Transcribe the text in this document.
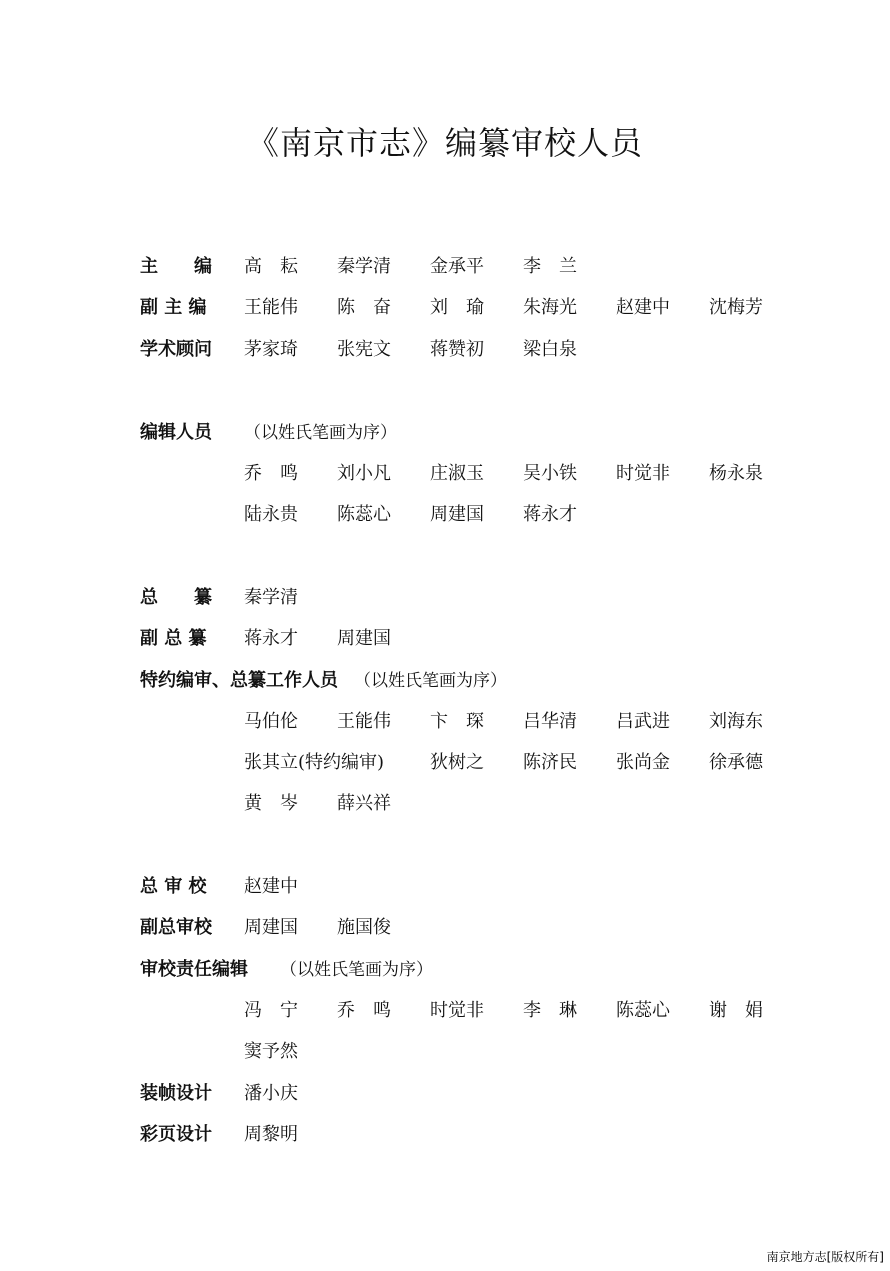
《南京市志》编纂审校人员
主　　编 高　耘 秦学清 金承平 李　兰
副 主 编 王能伟 陈　奋 刘　瑜 朱海光 赵建中 沈梅芳
学术顾问 茅家琦 张宪文 蒋赞初 梁白泉
编辑人员 （以姓氏笔画为序）
乔　鸣 刘小凡 庄淑玉 吴小铁 时觉非 杨永泉
陆永贵 陈蕊心 周建国 蒋永才
总　　纂 秦学清
副 总 纂 蒋永才 周建国
特约编审、总纂工作人员 （以姓氏笔画为序）
马伯伦 王能伟 卞　琛 吕华清 吕武进 刘海东
张其立(特约编审)	狄树之 陈济民 张尚金 徐承德
黄　岑 薛兴祥
总 审 校 赵建中
副总审校 周建国 施国俊
审校责任编辑 （以姓氏笔画为序）
冯　宁 乔　鸣 时觉非 李　琳 陈蕊心 谢　娟
窦予然
装帧设计 潘小庆
彩页设计 周黎明
南京地方志[版权所有]
